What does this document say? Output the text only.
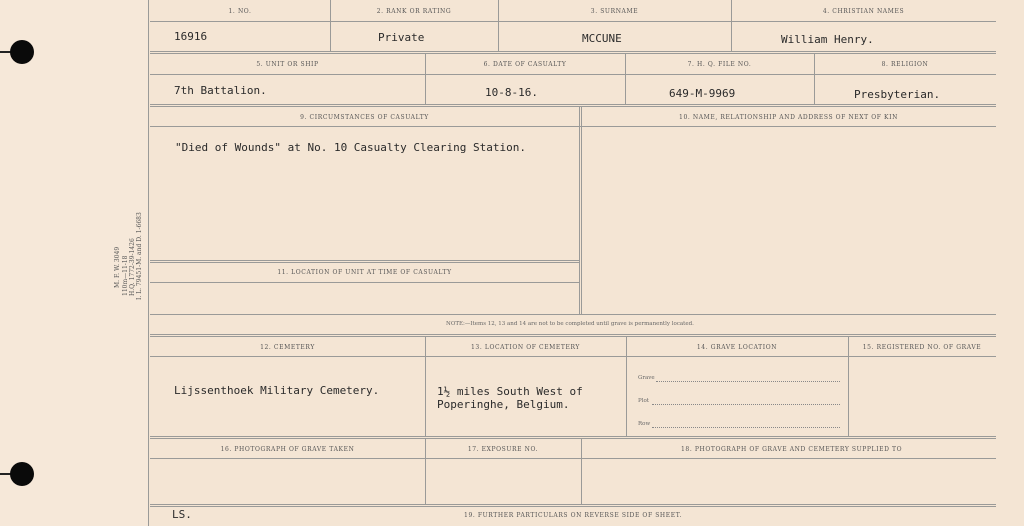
M. F. W. 3049 110m—11-18 H.Q. 1772-39-1426 I. L. 79451-M. and D. 1-6683
1. NO.	2. RANK OR RATING	3. SURNAME	4. CHRISTIAN NAMES
16916	Private	MCCUNE	William Henry.
5. UNIT OR SHIP	6. DATE OF CASUALTY	7. H. Q. FILE NO.	8. RELIGION
7th Battalion.	10-8-16.	649-M-9969	Presbyterian.
9. CIRCUMSTANCES OF CASUALTY	10. NAME, RELATIONSHIP AND ADDRESS OF NEXT OF KIN
"Died of Wounds" at No. 10 Casualty Clearing Station.
11. LOCATION OF UNIT AT TIME OF CASUALTY
NOTE:—Items 12, 13 and 14 are not to be completed until grave is permanently located.
12. CEMETERY	13. LOCATION OF CEMETERY	14. GRAVE LOCATION	15. REGISTERED NO. OF GRAVE
Lijssenthoek Military Cemetery.	1½ miles South West of
Poperinghe, Belgium.
Grave
Plot
Row
16. PHOTOGRAPH OF GRAVE TAKEN	17. EXPOSURE NO.	18. PHOTOGRAPH OF GRAVE AND CEMETERY SUPPLIED TO
LS.	19. FURTHER PARTICULARS ON REVERSE SIDE OF SHEET.
